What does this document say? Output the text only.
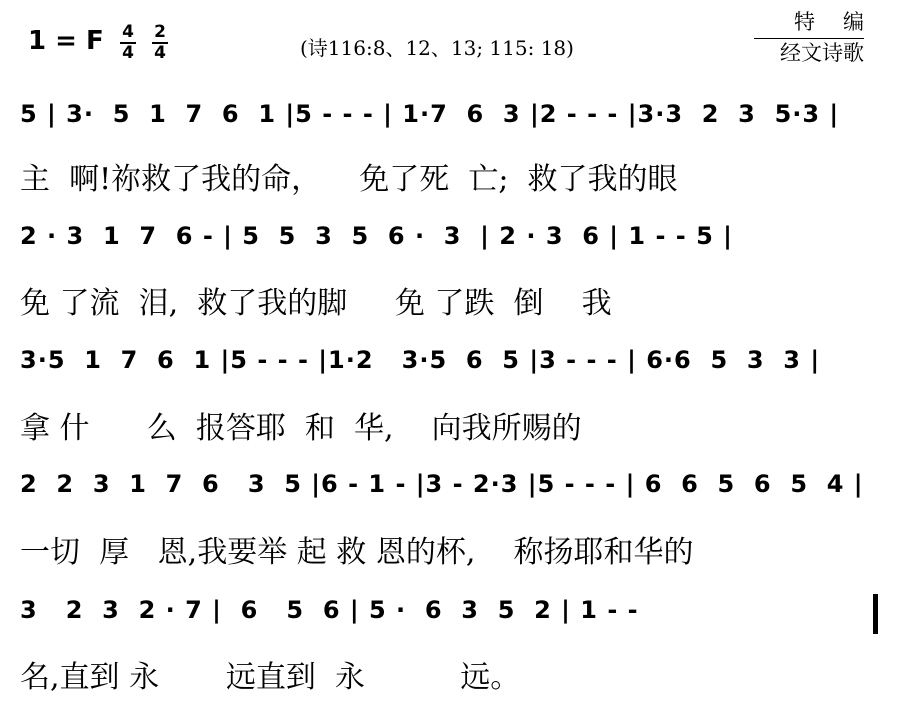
1 = F 4
4
2
4	(诗116:8、12、13; 115: 18)
特编
经文诗歌
5 | 3·  5  1  7  6  1 |5 - - - | 1·7  6  3 |2 - - - |3·3  2  3  5·3 |
主  啊!祢救了我的命，    免了死  亡;  救了我的眼
2 · 3  1  7  6 - | 5  5  3  5  6 ·  3  | 2 · 3  6 | 1 - - 5 |
免 了流  泪,  救了我的脚     免 了跌  倒    我
3·5  1  7  6  1 |5 - - - |1·2   3·5  6  5 |3 - - - | 6·6  5  3  3 |
拿 什      么  报答耶  和  华,    向我所赐的
2  2  3  1  7  6   3  5 |6 - 1 - |3 - 2·3 |5 - - - | 6  6  5  6  5  4 |
一切  厚   恩,我要举 起 救 恩的杯,    称扬耶和华的
3   2  3  2 · 7 |  6   5  6 | 5 ·  6  3  5  2 | 1 - -
名,直到 永       远直到  永          远。
